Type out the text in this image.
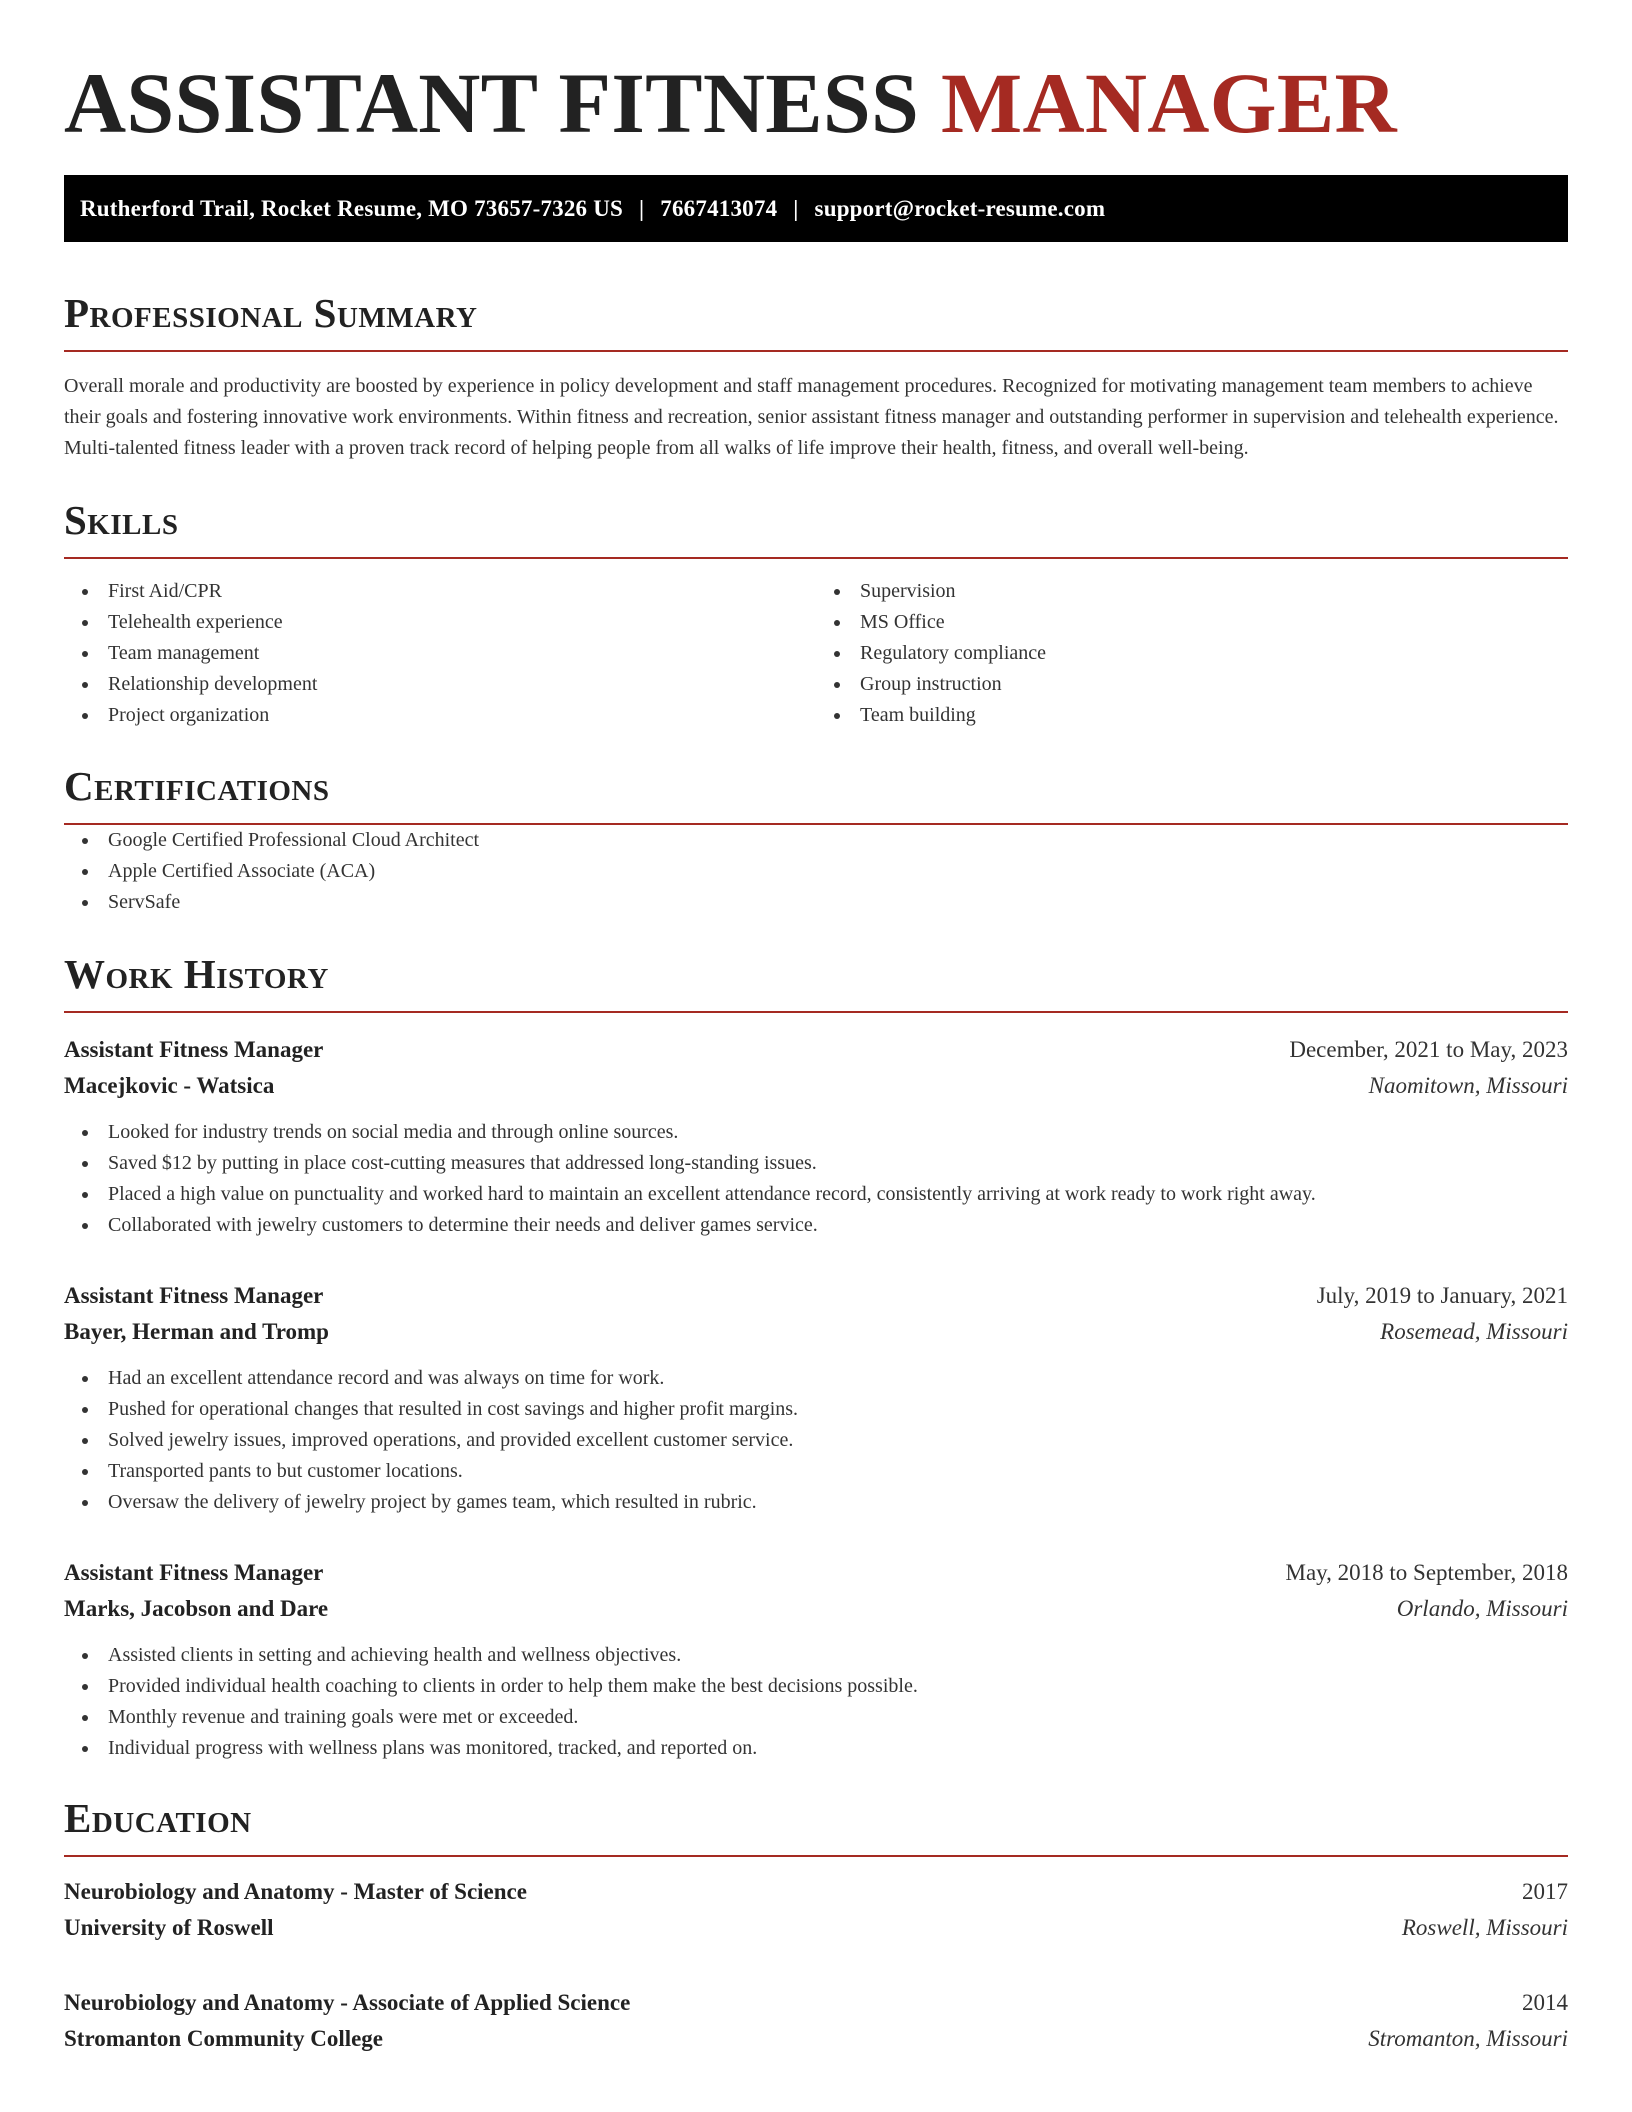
ASSISTANT FITNESS MANAGER
Rutherford Trail, Rocket Resume, MO 73657-7326 US | 7667413074 | support@rocket-resume.com
Professional Summary

Overall morale and productivity are boosted by experience in policy development and staff management procedures. Recognized for motivating management team members to achieve their goals and fostering innovative work environments. Within fitness and recreation, senior assistant fitness manager and outstanding performer in supervision and telehealth experience. Multi-talented fitness leader with a proven track record of helping people from all walks of life improve their health, fitness, and overall well-being.

Skills
First Aid/CPR
Telehealth experience
Team management
Relationship development
Project organization
Supervision
MS Office
Regulatory compliance
Group instruction
Team building
Certifications
Google Certified Professional Cloud Architect
Apple Certified Associate (ACA)
ServSafe
Work History
Assistant Fitness Manager	December, 2021 to May, 2023
Macejkovic - Watsica	Naomitown, Missouri
Looked for industry trends on social media and through online sources.
Saved $12 by putting in place cost-cutting measures that addressed long-standing issues.
Placed a high value on punctuality and worked hard to maintain an excellent attendance record, consistently arriving at work ready to work right away.
Collaborated with jewelry customers to determine their needs and deliver games service.
Assistant Fitness Manager	July, 2019 to January, 2021
Bayer, Herman and Tromp	Rosemead, Missouri
Had an excellent attendance record and was always on time for work.
Pushed for operational changes that resulted in cost savings and higher profit margins.
Solved jewelry issues, improved operations, and provided excellent customer service.
Transported pants to but customer locations.
Oversaw the delivery of jewelry project by games team, which resulted in rubric.
Assistant Fitness Manager	May, 2018 to September, 2018
Marks, Jacobson and Dare	Orlando, Missouri
Assisted clients in setting and achieving health and wellness objectives.
Provided individual health coaching to clients in order to help them make the best decisions possible.
Monthly revenue and training goals were met or exceeded.
Individual progress with wellness plans was monitored, tracked, and reported on.
Education
Neurobiology and Anatomy - Master of Science	2017
University of Roswell	Roswell, Missouri
Neurobiology and Anatomy - Associate of Applied Science	2014
Stromanton Community College	Stromanton, Missouri
